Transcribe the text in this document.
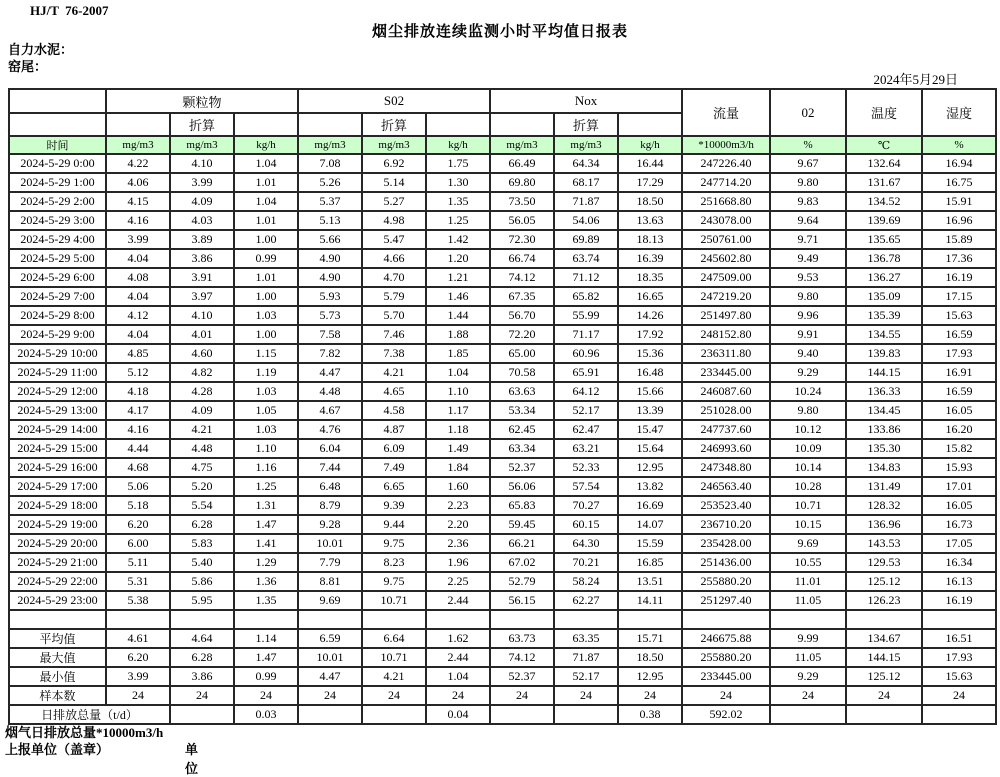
HJ/T  76-2007
烟尘排放连续监测小时平均值日报表
自力水泥：
窑尾：
2024年5月29日
	颗粒物			S02			Nox			流量	02	温度	湿度
		折算			折算			折算					
时间	mg/m3	mg/m3	kg/h	mg/m3	mg/m3	kg/h	mg/m3	mg/m3	kg/h	*10000m3/h	%	℃	%
2024-5-29 0:00	4.22	4.10	1.04	7.08	6.92	1.75	66.49	64.34	16.44	247226.40	9.67	132.64	16.94
2024-5-29 1:00	4.06	3.99	1.01	5.26	5.14	1.30	69.80	68.17	17.29	247714.20	9.80	131.67	16.75
2024-5-29 2:00	4.15	4.09	1.04	5.37	5.27	1.35	73.50	71.87	18.50	251668.80	9.83	134.52	15.91
2024-5-29 3:00	4.16	4.03	1.01	5.13	4.98	1.25	56.05	54.06	13.63	243078.00	9.64	139.69	16.96
2024-5-29 4:00	3.99	3.89	1.00	5.66	5.47	1.42	72.30	69.89	18.13	250761.00	9.71	135.65	15.89
2024-5-29 5:00	4.04	3.86	0.99	4.90	4.66	1.20	66.74	63.74	16.39	245602.80	9.49	136.78	17.36
2024-5-29 6:00	4.08	3.91	1.01	4.90	4.70	1.21	74.12	71.12	18.35	247509.00	9.53	136.27	16.19
2024-5-29 7:00	4.04	3.97	1.00	5.93	5.79	1.46	67.35	65.82	16.65	247219.20	9.80	135.09	17.15
2024-5-29 8:00	4.12	4.10	1.03	5.73	5.70	1.44	56.70	55.99	14.26	251497.80	9.96	135.39	15.63
2024-5-29 9:00	4.04	4.01	1.00	7.58	7.46	1.88	72.20	71.17	17.92	248152.80	9.91	134.55	16.59
2024-5-29 10:00	4.85	4.60	1.15	7.82	7.38	1.85	65.00	60.96	15.36	236311.80	9.40	139.83	17.93
2024-5-29 11:00	5.12	4.82	1.19	4.47	4.21	1.04	70.58	65.91	16.48	233445.00	9.29	144.15	16.91
2024-5-29 12:00	4.18	4.28	1.03	4.48	4.65	1.10	63.63	64.12	15.66	246087.60	10.24	136.33	16.59
2024-5-29 13:00	4.17	4.09	1.05	4.67	4.58	1.17	53.34	52.17	13.39	251028.00	9.80	134.45	16.05
2024-5-29 14:00	4.16	4.21	1.03	4.76	4.87	1.18	62.45	62.47	15.47	247737.60	10.12	133.86	16.20
2024-5-29 15:00	4.44	4.48	1.10	6.04	6.09	1.49	63.34	63.21	15.64	246993.60	10.09	135.30	15.82
2024-5-29 16:00	4.68	4.75	1.16	7.44	7.49	1.84	52.37	52.33	12.95	247348.80	10.14	134.83	15.93
2024-5-29 17:00	5.06	5.20	1.25	6.48	6.65	1.60	56.06	57.54	13.82	246563.40	10.28	131.49	17.01
2024-5-29 18:00	5.18	5.54	1.31	8.79	9.39	2.23	65.83	70.27	16.69	253523.40	10.71	128.32	16.05
2024-5-29 19:00	6.20	6.28	1.47	9.28	9.44	2.20	59.45	60.15	14.07	236710.20	10.15	136.96	16.73
2024-5-29 20:00	6.00	5.83	1.41	10.01	9.75	2.36	66.21	64.30	15.59	235428.00	9.69	143.53	17.05
2024-5-29 21:00	5.11	5.40	1.29	7.79	8.23	1.96	67.02	70.21	16.85	251436.00	10.55	129.53	16.34
2024-5-29 22:00	5.31	5.86	1.36	8.81	9.75	2.25	52.79	58.24	13.51	255880.20	11.01	125.12	16.13
2024-5-29 23:00	5.38	5.95	1.35	9.69	10.71	2.44	56.15	62.27	14.11	251297.40	11.05	126.23	16.19

平均值	4.61	4.64	1.14	6.59	6.64	1.62	63.73	63.35	15.71	246675.88	9.99	134.67	16.51
最大值	6.20	6.28	1.47	10.01	10.71	2.44	74.12	71.87	18.50	255880.20	11.05	144.15	17.93
最小值	3.99	3.86	0.99	4.47	4.21	1.04	52.37	52.17	12.95	233445.00	9.29	125.12	15.63
样本数	24	24	24	24	24	24	24	24	24	24	24	24	24
日排放总量（t/d）			0.03			0.04			0.38	592.02			
烟气日排放总量*10000m3/h
上报单位（盖章）	单位
